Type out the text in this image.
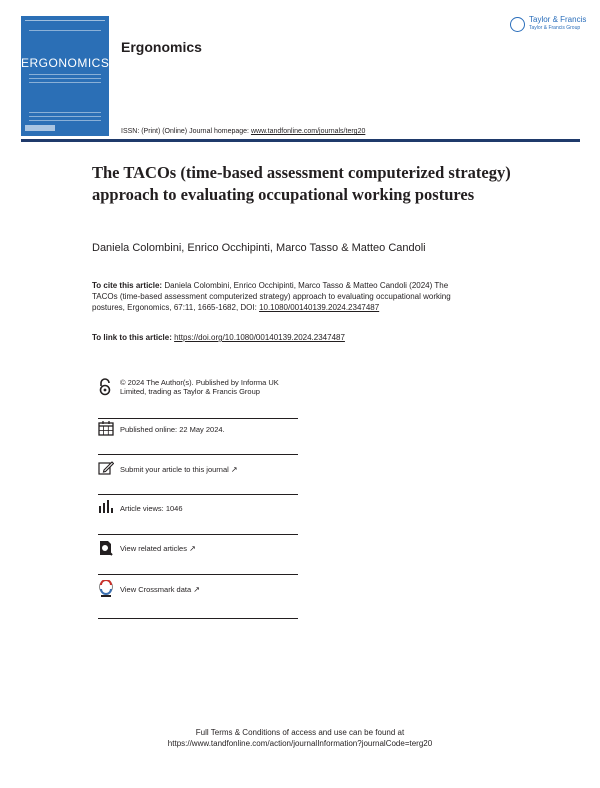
ERGONOMICS
Ergonomics
Taylor & Francis
Taylor & Francis Group
ISSN: (Print) (Online) Journal homepage: www.tandfonline.com/journals/terg20
The TACOs (time-based assessment computerized strategy) approach to evaluating occupational working postures
Daniela Colombini, Enrico Occhipinti, Marco Tasso & Matteo Candoli
To cite this article: Daniela Colombini, Enrico Occhipinti, Marco Tasso & Matteo Candoli (2024) The TACOs (time-based assessment computerized strategy) approach to evaluating occupational working postures, Ergonomics, 67:11, 1665-1682, DOI: 10.1080/00140139.2024.2347487
To link to this article: https://doi.org/10.1080/00140139.2024.2347487
© 2024 The Author(s). Published by Informa UK Limited, trading as Taylor & Francis Group
Published online: 22 May 2024.
Submit your article to this journal ↗
Article views: 1046
View related articles ↗
View Crossmark data ↗
Full Terms & Conditions of access and use can be found at
https://www.tandfonline.com/action/journalInformation?journalCode=terg20
